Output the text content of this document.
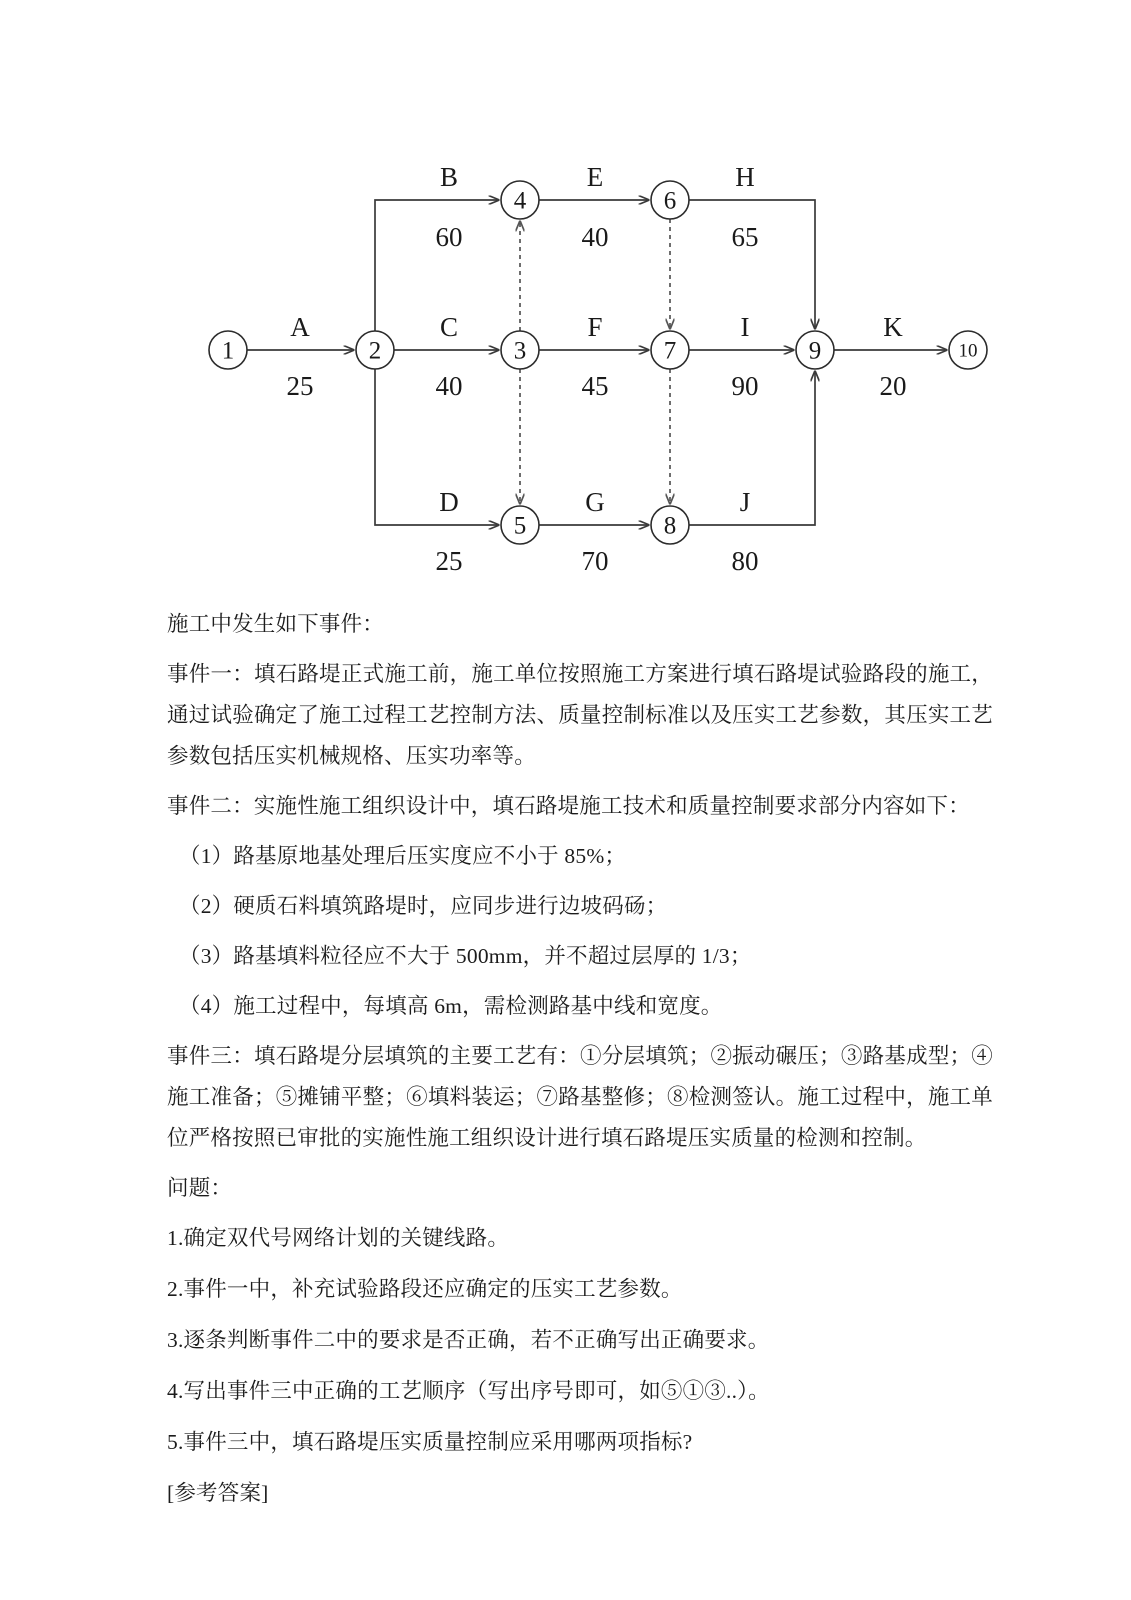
1	2	3
4
5
6
7
8
9	10
A
25
B
60
C
40
D
25
E
40
F
45
G
70
H
65
I
90
J
80
K
20

施工中发生如下事件：

事件一：填石路堤正式施工前，施工单位按照施工方案进行填石路堤试验路段的施工，通过试验确定了施工过程工艺控制方法、质量控制标准以及压实工艺参数，其压实工艺参数包括压实机械规格、压实功率等。

事件二：实施性施工组织设计中，填石路堤施工技术和质量控制要求部分内容如下：

（1）路基原地基处理后压实度应不小于 85%；

（2）硬质石料填筑路堤时，应同步进行边坡码砀；

（3）路基填料粒径应不大于 500mm，并不超过层厚的 1/3；

（4）施工过程中，每填高 6m，需检测路基中线和宽度。

事件三：填石路堤分层填筑的主要工艺有：①分层填筑；②振动碾压；③路基成型；④施工准备；⑤摊铺平整；⑥填料装运；⑦路基整修；⑧检测签认。施工过程中，施工单位严格按照已审批的实施性施工组织设计进行填石路堤压实质量的检测和控制。

问题：

1.确定双代号网络计划的关键线路。

2.事件一中，补充试验路段还应确定的压实工艺参数。

3.逐条判断事件二中的要求是否正确，若不正确写出正确要求。

4.写出事件三中正确的工艺顺序（写出序号即可，如⑤①③..）。

5.事件三中，填石路堤压实质量控制应采用哪两项指标?

[参考答案]
